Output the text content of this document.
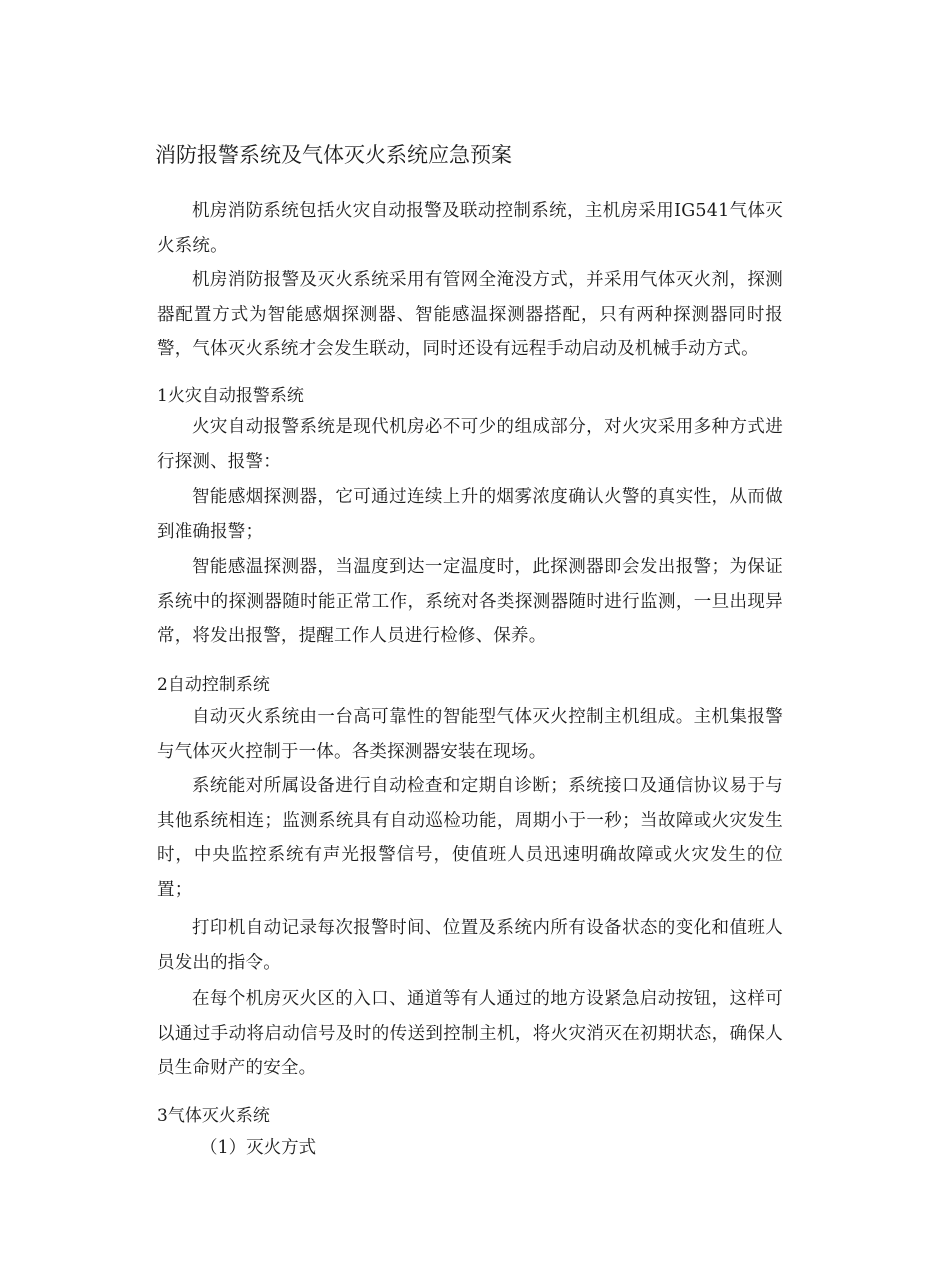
消防报警系统及气体灭火系统应急预案
机房消防系统包括火灾自动报警及联动控制系统，主机房采用IG541气体灭火系统。
机房消防报警及灭火系统采用有管网全淹没方式，并采用气体灭火剂，探测器配置方式为智能感烟探测器、智能感温探测器搭配，只有两种探测器同时报警，气体灭火系统才会发生联动，同时还设有远程手动启动及机械手动方式。
1火灾自动报警系统
火灾自动报警系统是现代机房必不可少的组成部分，对火灾采用多种方式进行探测、报警：
智能感烟探测器，它可通过连续上升的烟雾浓度确认火警的真实性，从而做到准确报警；
智能感温探测器，当温度到达一定温度时，此探测器即会发出报警；为保证系统中的探测器随时能正常工作，系统对各类探测器随时进行监测，一旦出现异常，将发出报警，提醒工作人员进行检修、保养。
2自动控制系统
自动灭火系统由一台高可靠性的智能型气体灭火控制主机组成。主机集报警与气体灭火控制于一体。各类探测器安装在现场。
系统能对所属设备进行自动检查和定期自诊断；系统接口及通信协议易于与其他系统相连；监测系统具有自动巡检功能，周期小于一秒；当故障或火灾发生时，中央监控系统有声光报警信号，使值班人员迅速明确故障或火灾发生的位置；
打印机自动记录每次报警时间、位置及系统内所有设备状态的变化和值班人员发出的指令。
在每个机房灭火区的入口、通道等有人通过的地方设紧急启动按钮，这样可以通过手动将启动信号及时的传送到控制主机，将火灾消灭在初期状态，确保人员生命财产的安全。
3气体灭火系统
（1）灭火方式
